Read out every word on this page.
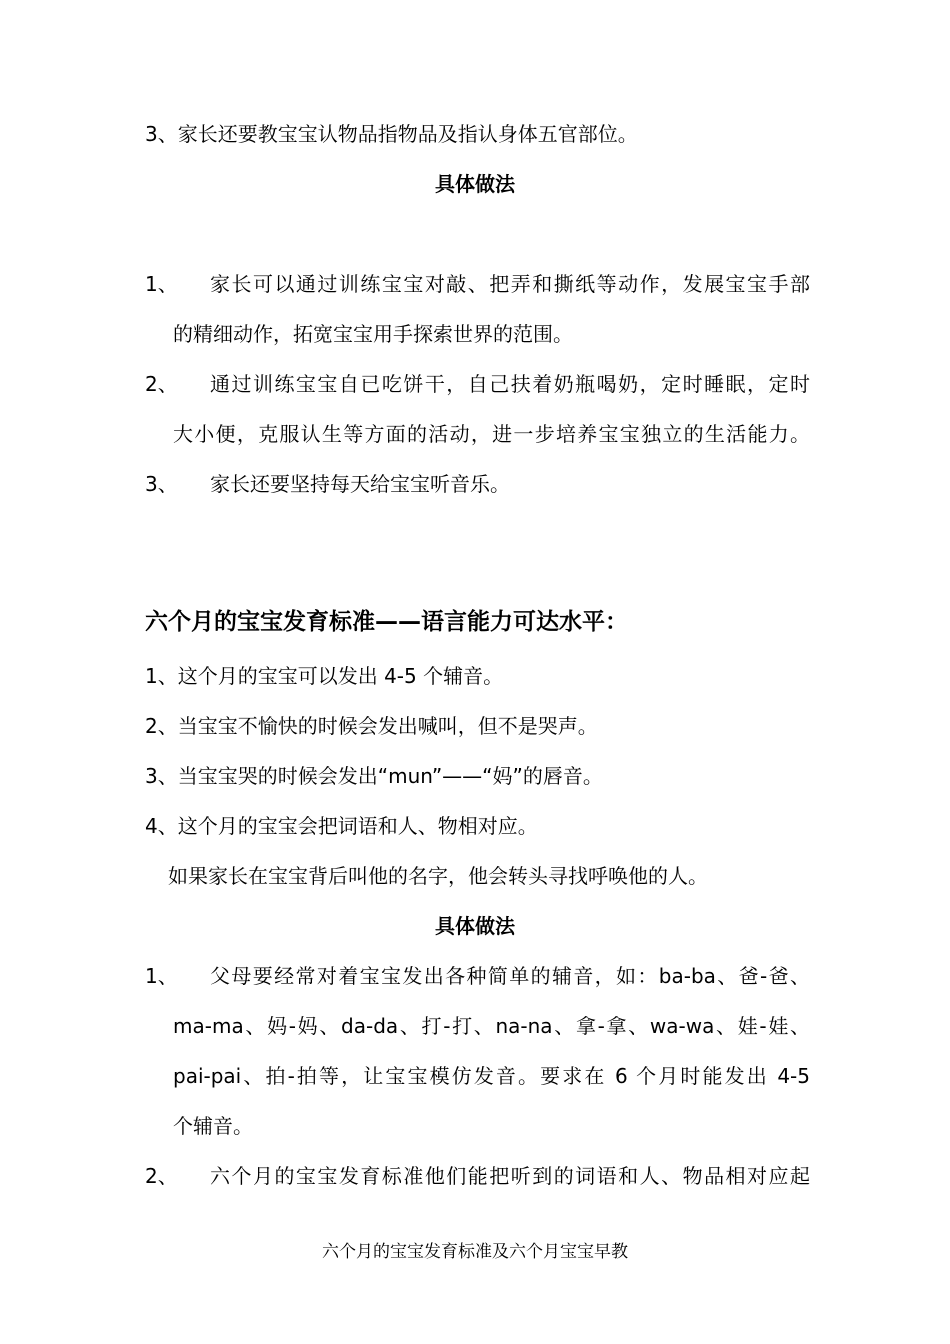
3、家长还要教宝宝认物品指物品及指认身体五官部位。
具体做法
1、 家长可以通过训练宝宝对敲、把弄和撕纸等动作，发展宝宝手部
的精细动作，拓宽宝宝用手探索世界的范围。
2、 通过训练宝宝自已吃饼干，自己扶着奶瓶喝奶，定时睡眠，定时
大小便，克服认生等方面的活动，进一步培养宝宝独立的生活能力。
3、 家长还要坚持每天给宝宝听音乐。
六个月的宝宝发育标准——语言能力可达水平：
1、这个月的宝宝可以发出 4-5 个辅音。
2、当宝宝不愉快的时候会发出喊叫，但不是哭声。
3、当宝宝哭的时候会发出“mun”——“妈”的唇音。
4、这个月的宝宝会把词语和人、物相对应。
如果家长在宝宝背后叫他的名字，他会转头寻找呼唤他的人。
具体做法
1、 父母要经常对着宝宝发出各种简单的辅音，如：ba-ba、爸-爸、
ma-ma、妈-妈、da-da、打-打、na-na、拿-拿、wa-wa、娃-娃、
pai-pai、拍-拍等，让宝宝模仿发音。要求在 6 个月时能发出 4-5
个辅音。
2、 六个月的宝宝发育标准他们能把听到的词语和人、物品相对应起
六个月的宝宝发育标准及六个月宝宝早教
